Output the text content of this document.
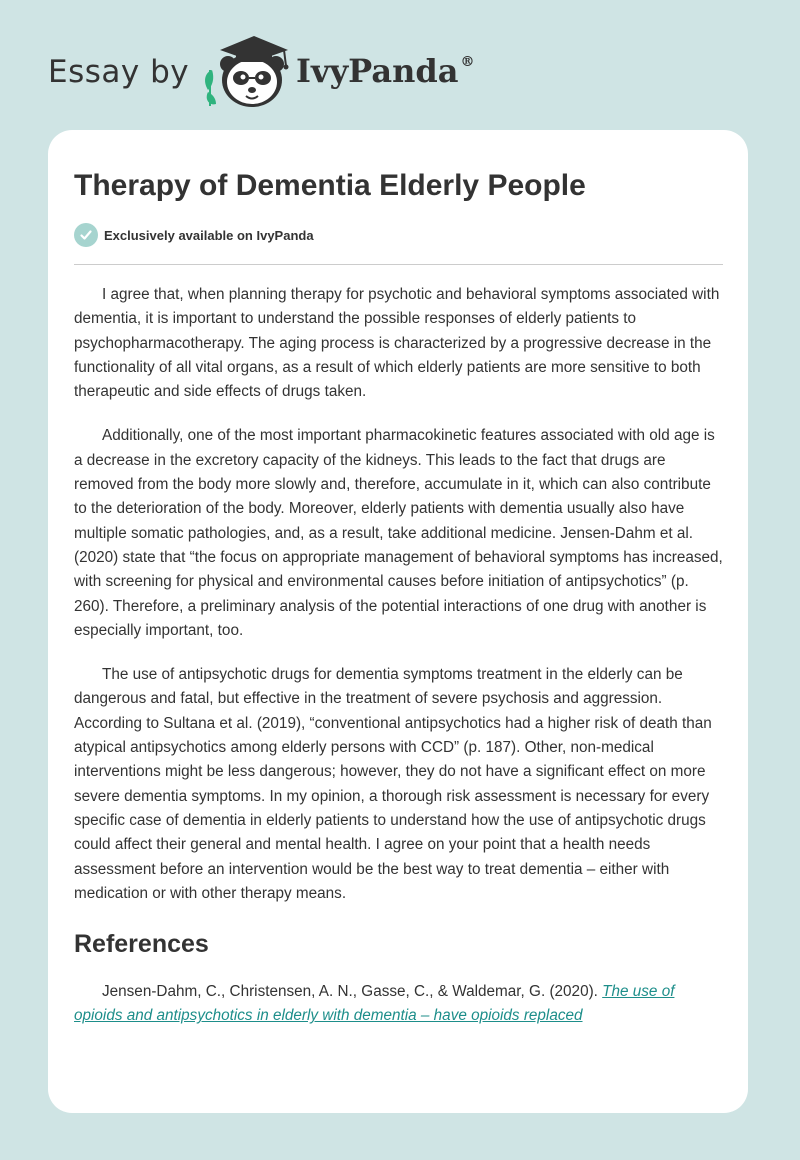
Essay by	IvyPanda ®
Therapy of Dementia Elderly People
Exclusively available on IvyPanda

I agree that, when planning therapy for psychotic and behavioral symptoms associated with dementia, it is important to understand the possible responses of elderly patients to psychopharmacotherapy. The aging process is characterized by a progressive decrease in the functionality of all vital organs, as a result of which elderly patients are more sensitive to both therapeutic and side effects of drugs taken.

Additionally, one of the most important pharmacokinetic features associated with old age is a decrease in the excretory capacity of the kidneys. This leads to the fact that drugs are removed from the body more slowly and, therefore, accumulate in it, which can also contribute to the deterioration of the body. Moreover, elderly patients with dementia usually also have multiple somatic pathologies, and, as a result, take additional medicine. Jensen-Dahm et al. (2020) state that “the focus on appropriate management of behavioral symptoms has increased, with screening for physical and environmental causes before initiation of antipsychotics” (p. 260). Therefore, a preliminary analysis of the potential interactions of one drug with another is especially important, too.

The use of antipsychotic drugs for dementia symptoms treatment in the elderly can be dangerous and fatal, but effective in the treatment of severe psychosis and aggression. According to Sultana et al. (2019), “conventional antipsychotics had a higher risk of death than atypical antipsychotics among elderly persons with CCD” (p. 187). Other, non-medical interventions might be less dangerous; however, they do not have a significant effect on more severe dementia symptoms. In my opinion, a thorough risk assessment is necessary for every specific case of dementia in elderly patients to understand how the use of antipsychotic drugs could affect their general and mental health. I agree on your point that a health needs assessment before an intervention would be the best way to treat dementia – either with medication or with other therapy means.

References

Jensen-Dahm, C., Christensen, A. N., Gasse, C., & Waldemar, G. (2020). The use of opioids and antipsychotics in elderly with dementia – have opioids replaced
